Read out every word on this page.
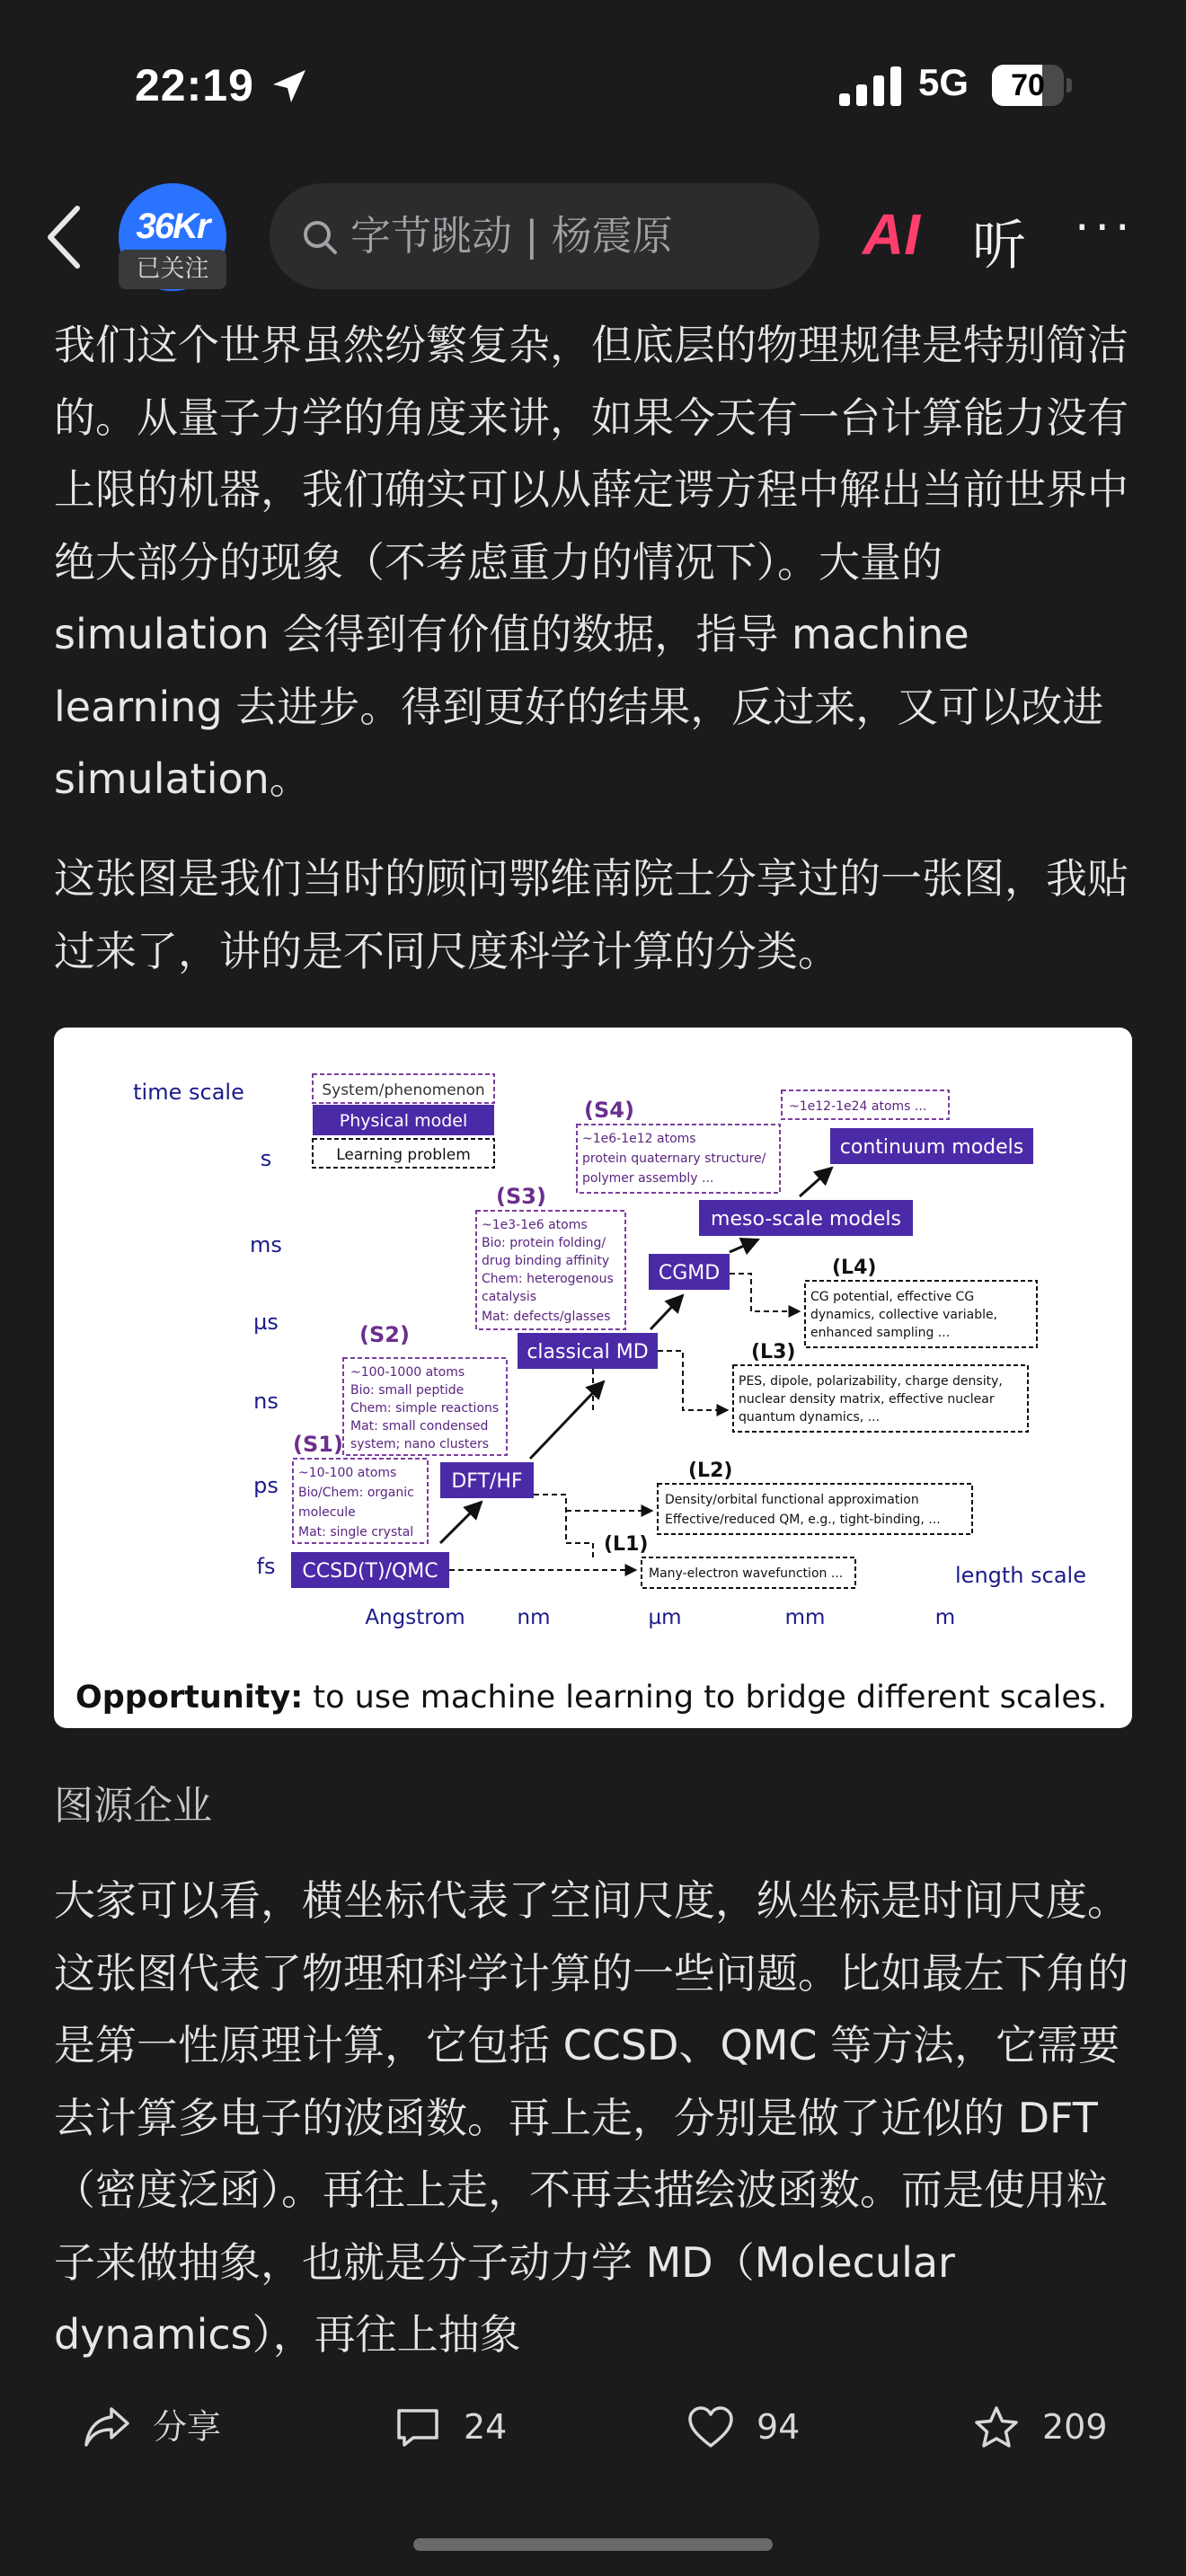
22:19	5G	70
36Kr
已关注
字节跳动 | 杨震原	AI 听 ···
我们这个世界虽然纷繁复杂，但底层的物理规律是特别简洁的。从量子力学的角度来讲，如果今天有一台计算能力没有上限的机器，我们确实可以从薛定谔方程中解出当前世界中绝大部分的现象（不考虑重力的情况下）。大量的 simulation 会得到有价值的数据，指导 machine learning 去进步。得到更好的结果，反过来，又可以改进 simulation。
这张图是我们当时的顾问鄂维南院士分享过的一张图，我贴过来了，讲的是不同尺度科学计算的分类。
time scale
length scale
s
ms
µs
ns
ps
fs
Angstrom	nm	µm	mm	m
System/phenomenon
Physical model
Learning problem
CCSD(T)/QMC
DFT/HF
classical MD
CGMD
meso-scale models
continuum models
(S1)
(S2)
(S3)
(S4)
~10-100 atoms
Bio/Chem: organic
molecule
Mat: single crystal
~100-1000 atoms
Bio: small peptide
Chem: simple reactions
Mat: small condensed
system; nano clusters
~1e3-1e6 atoms
Bio: protein folding/
drug binding affinity
Chem: heterogenous
catalysis
Mat: defects/glasses
~1e6-1e12 atoms
protein quaternary structure/
polymer assembly ...
~1e12-1e24 atoms ...
(L1)
(L2)
(L3)
(L4)
Many-electron wavefunction ...
Density/orbital functional approximation
Effective/reduced QM, e.g., tight-binding, ...
PES, dipole, polarizability, charge density,
nuclear density matrix, effective nuclear
quantum dynamics, ...
CG potential, effective CG
dynamics, collective variable,
enhanced sampling ...
Opportunity: to use machine learning to bridge different scales.
图源企业
大家可以看，横坐标代表了空间尺度，纵坐标是时间尺度。这张图代表了物理和科学计算的一些问题。比如最左下角的是第一性原理计算，它包括 CCSD、QMC 等方法，它需要去计算多电子的波函数。再上走，分别是做了近似的 DFT（密度泛函）。再往上走，不再去描绘波函数。而是使用粒子来做抽象，也就是分子动力学 MD（Molecular dynamics），再往上抽象
分享	24	94	209
